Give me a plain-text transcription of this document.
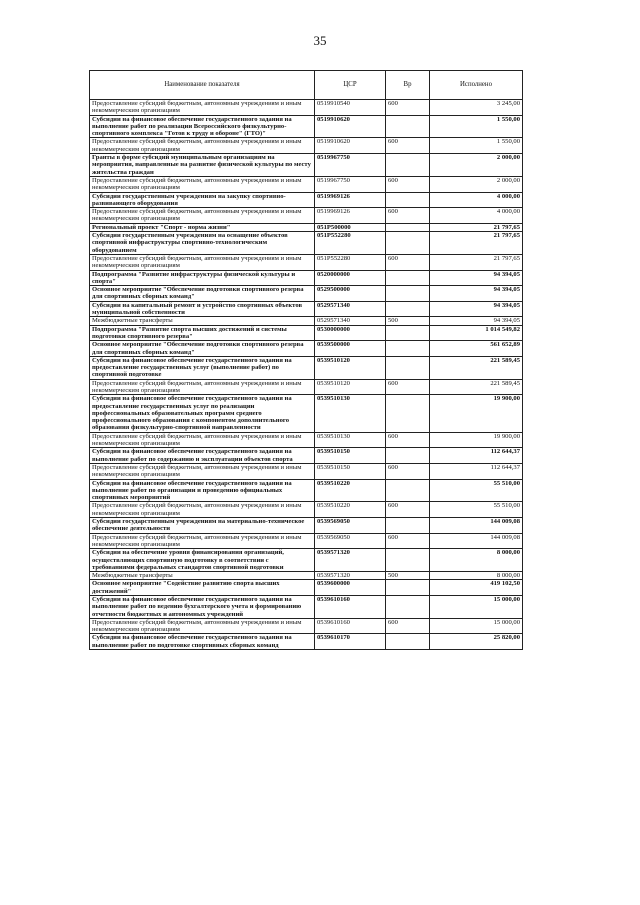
35
Наименование показателя	ЦСР	Вр	Исполнено
Предоставление субсидий бюджетным, автономным учреждениям и иным некоммерческим организациям	0519910540	600	3 245,00
Субсидии на финансовое обеспечение государственного задания на выполнение работ по реализации Всероссийского физкультурно-спортивного комплекса "Готов к труду и обороне" (ГТО)"	0519910620		1 550,00
Предоставление субсидий бюджетным, автономным учреждениям и иным некоммерческим организациям	0519910620	600	1 550,00
Гранты в форме субсидий муниципальным организациям на мероприятия, направленные на развитие физической культуры по месту жительства граждан	0519967750		2 000,00
Предоставление субсидий бюджетным, автономным учреждениям и иным некоммерческим организациям	0519967750	600	2 000,00
Субсидии государственным учреждениям на закупку спортивно-развивающего оборудования	0519969126		4 000,00
Предоставление субсидий бюджетным, автономным учреждениям и иным некоммерческим организациям	0519969126	600	4 000,00
Региональный проект "Спорт - норма жизни"	051P500000		21 797,65
Субсидии государственным учреждениям на оснащение объектов спортивной инфраструктуры спортивно-технологическим оборудованием	051P552280		21 797,65
Предоставление субсидий бюджетным, автономным учреждениям и иным некоммерческим организациям	051P552280	600	21 797,65
Подпрограмма "Развитие инфраструктуры физической культуры и спорта"	0520000000		94 394,05
Основное мероприятие "Обеспечение подготовки спортивного резерва для спортивных сборных команд"	0529500000		94 394,05
Субсидии на капитальный ремонт и устройство спортивных объектов муниципальной собственности	0529571340		94 394,05
Межбюджетные трансферты	0529571340	500	94 394,05
Подпрограмма "Развитие спорта высших достижений и системы подготовки спортивного резерва"	0530000000		1 014 549,82
Основное мероприятие "Обеспечение подготовки спортивного резерва для спортивных сборных команд"	0539500000		561 652,89
Субсидии на финансовое обеспечение государственного задания на предоставление государственных услуг (выполнение работ) по спортивной подготовке	0539510120		221 589,45
Предоставление субсидий бюджетным, автономным учреждениям и иным некоммерческим организациям	0539510120	600	221 589,45
Субсидии на финансовое обеспечение государственного задания на предоставление государственных услуг по реализации профессиональных образовательных программ среднего профессионального образования с компонентом дополнительного образования физкультурно-спортивной направленности	0539510130		19 900,00
Предоставление субсидий бюджетным, автономным учреждениям и иным некоммерческим организациям	0539510130	600	19 900,00
Субсидии на финансовое обеспечение государственного задания на выполнение работ по содержанию и эксплуатации объектов спорта	0539510150		112 644,37
Предоставление субсидий бюджетным, автономным учреждениям и иным некоммерческим организациям	0539510150	600	112 644,37
Субсидии на финансовое обеспечение государственного задания на выполнение работ по организации и проведению официальных спортивных мероприятий	0539510220		55 510,00
Предоставление субсидий бюджетным, автономным учреждениям и иным некоммерческим организациям	0539510220	600	55 510,00
Субсидии государственным учреждениям на материально-техническое обеспечение деятельности	0539569050		144 009,08
Предоставление субсидий бюджетным, автономным учреждениям и иным некоммерческим организациям	0539569050	600	144 009,08
Субсидии на обеспечение уровня финансирования организаций, осуществляющих спортивную подготовку в соответствии с требованиями федеральных стандартов спортивной подготовки	0539571320		8 000,00
Межбюджетные трансферты	0539571320	500	8 000,00
Основное мероприятие "Содействие развитию спорта высших достижений"	0539600000		419 102,50
Субсидии на финансовое обеспечение государственного задания на выполнение работ по ведению бухгалтерского учета и формированию отчетности бюджетных и автономных учреждений	0539610160		15 000,00
Предоставление субсидий бюджетным, автономным учреждениям и иным некоммерческим организациям	0539610160	600	15 000,00
Субсидии на финансовое обеспечение государственного задания на выполнение работ по подготовке спортивных сборных команд	0539610170		25 820,00
